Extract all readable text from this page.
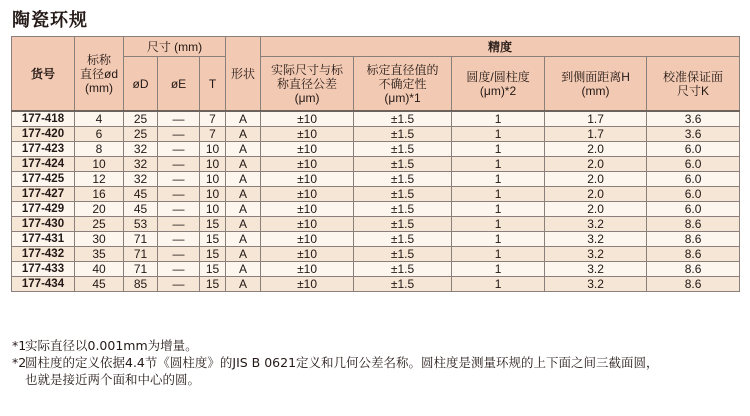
陶瓷环规
货号	标称
直径ød
(mm)	尺寸 (mm)			形状	精度				
		øD	øE	T		实际尺寸与标
称直径公差
(μm)	标定直径值的
不确定性
(μm)*1	圆度/圆柱度
(μm)*2	到侧面距离H
(mm)	校准保证面
尺寸K

177-418	4	25	—	7	A	±10	±1.5	1	1.7	3.6
177-420	6	25	—	7	A	±10	±1.5	1	1.7	3.6
177-423	8	32	—	10	A	±10	±1.5	1	2.0	6.0
177-424	10	32	—	10	A	±10	±1.5	1	2.0	6.0
177-425	12	32	—	10	A	±10	±1.5	1	2.0	6.0
177-427	16	45	—	10	A	±10	±1.5	1	2.0	6.0
177-429	20	45	—	10	A	±10	±1.5	1	2.0	6.0
177-430	25	53	—	15	A	±10	±1.5	1	3.2	8.6
177-431	30	71	—	15	A	±10	±1.5	1	3.2	8.6
177-432	35	71	—	15	A	±10	±1.5	1	3.2	8.6
177-433	40	71	—	15	A	±10	±1.5	1	3.2	8.6
177-434	45	85	—	15	A	±10	±1.5	1	3.2	8.6
*1
实际直径以0.001mm为增量。
*2
圆柱度的定义依据4.4节《圆柱度》的JIS B 0621定义和几何公差名称。圆柱度是测量环规的上下面之间三截面圆，
也就是接近两个面和中心的圆。
